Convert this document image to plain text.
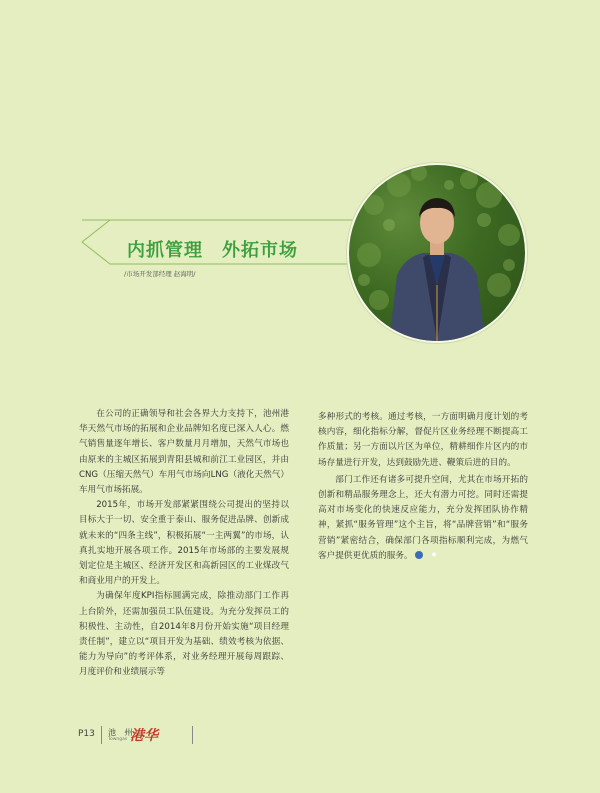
内抓管理　外拓市场
/市场开发部经理 赵海明/

在公司的正确领导和社会各界大力支持下，池州港华天然气市场的拓展和企业品牌知名度已深入人心。燃气销售量逐年增长、客户数量月月增加，天然气市场也由原来的主城区拓展到青阳县城和前江工业园区，并由CNG（压缩天然气）车用气市场向LNG（液化天然气）车用气市场拓展。

2015年，市场开发部紧紧围绕公司提出的坚持以目标大于一切、安全重于泰山、服务促进品牌、创新成就未来的“四条主线”，积极拓展“一主两翼”的市场，认真扎实地开展各项工作。2015年市场部的主要发展规划定位是主城区、经济开发区和高新园区的工业煤改气和商业用户的开发上。

为确保年度KPI指标圆满完成，除推动部门工作再上台阶外，还需加强员工队伍建设。为充分发挥员工的积极性、主动性，自2014年8月份开始实施“项目经理责任制”，建立以“项目开发为基础、绩效考核为依据、能力为导向”的考评体系，对业务经理开展每周跟踪、月度评价和业绩展示等

多种形式的考核。通过考核，一方面明确月度计划的考核内容，细化指标分解，督促片区业务经理不断提高工作质量；另一方面以片区为单位，精耕细作片区内的市场存量进行开发，达到鼓励先进、鞭策后进的目的。

部门工作还有诸多可提升空间，尤其在市场开拓的创新和精品服务理念上，还大有潜力可挖。同时还需提高对市场变化的快速反应能力，充分发挥团队协作精神，紧抓“服务管理”这个主旨，将“品牌营销”和“服务营销”紧密结合，确保部门各项指标顺利完成，为燃气客户提供更优质的服务。	◆

P13 池 州
港华
Towngas
